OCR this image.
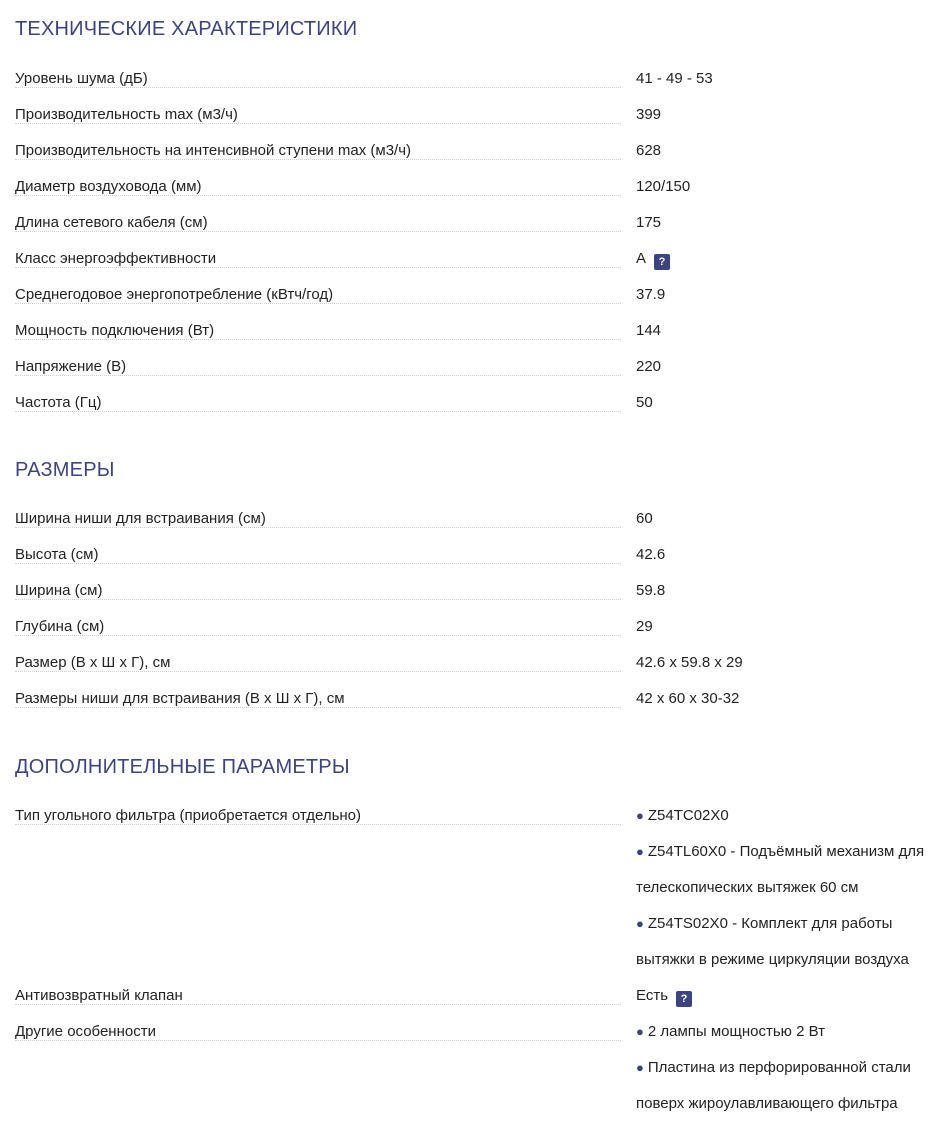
ТЕХНИЧЕСКИЕ ХАРАКТЕРИСТИКИ
Уровень шума (дБ)	41 - 49 - 53
Производительность max (м3/ч)	399
Производительность на интенсивной ступени max (м3/ч)	628
Диаметр воздуховода (мм)	120/150
Длина сетевого кабеля (см)	175
Класс энергоэффективности	A ?
Среднегодовое энергопотребление (кВтч/год)	37.9
Мощность подключения (Вт)	144
Напряжение (В)	220
Частота (Гц)	50
РАЗМЕРЫ
Ширина ниши для встраивания (см)	60
Высота (см)	42.6
Ширина (см)	59.8
Глубина (см)	29
Размер (В х Ш х Г), см	42.6 x 59.8 x 29
Размеры ниши для встраивания (В х Ш х Г), см	42 x 60 x 30-32
ДОПОЛНИТЕЛЬНЫЕ ПАРАМЕТРЫ
Тип угольного фильтра (приобретается отдельно)	● Z54TC02X0
● Z54TL60X0 - Подъёмный механизм для телескопических вытяжек 60 см
● Z54TS02X0 - Комплект для работы вытяжки в режиме циркуляции воздуха
Антивозвратный клапан	Есть ?
Другие особенности	● 2 лампы мощностью 2 Вт
● Пластина из перфорированной стали поверх жироулавливающего фильтра
